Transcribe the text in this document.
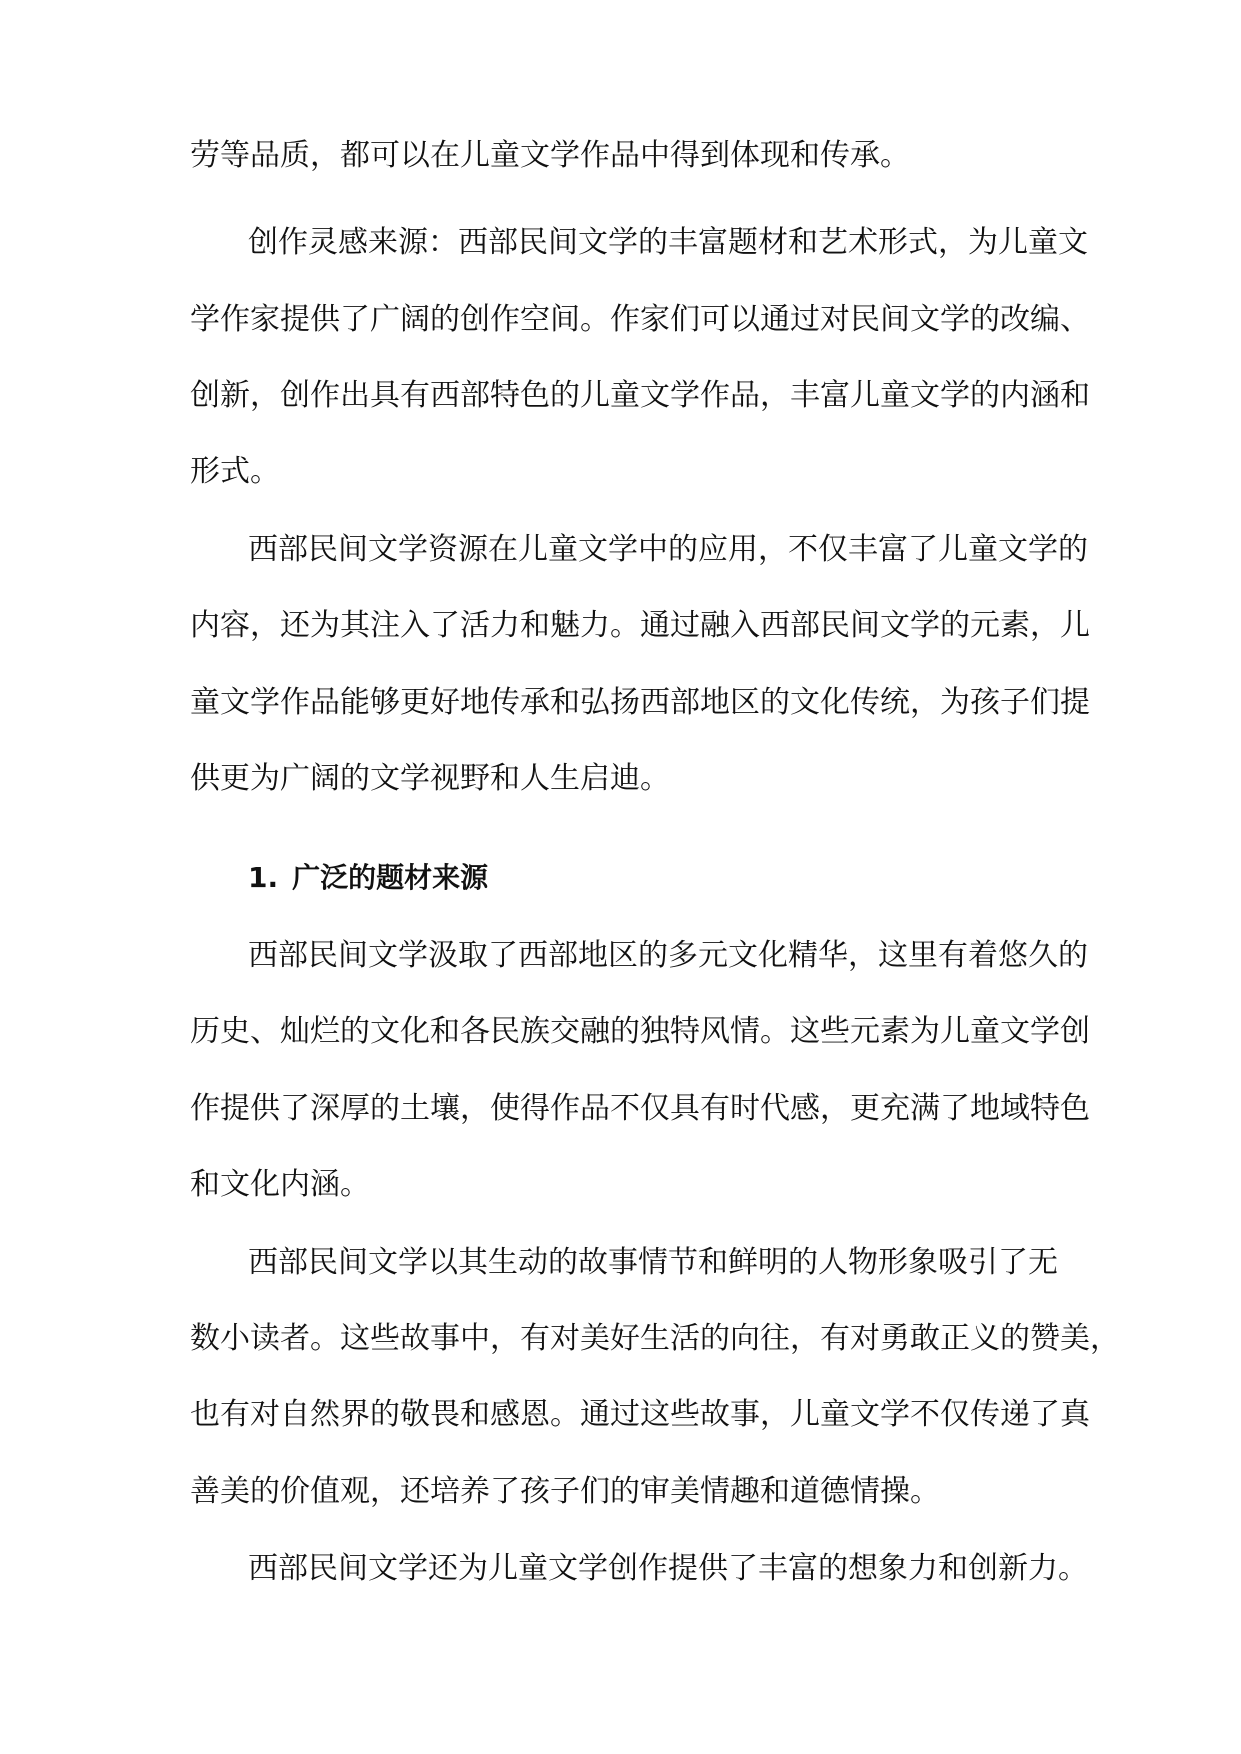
劳等品质，都可以在儿童文学作品中得到体现和传承。

创作灵感来源：西部民间文学的丰富题材和艺术形式，为儿童文

学作家提供了广阔的创作空间。作家们可以通过对民间文学的改编、

创新，创作出具有西部特色的儿童文学作品，丰富儿童文学的内涵和

形式。

西部民间文学资源在儿童文学中的应用，不仅丰富了儿童文学的

内容，还为其注入了活力和魅力。通过融入西部民间文学的元素，儿

童文学作品能够更好地传承和弘扬西部地区的文化传统，为孩子们提

供更为广阔的文学视野和人生启迪。

1. 广泛的题材来源

西部民间文学汲取了西部地区的多元文化精华，这里有着悠久的

历史、灿烂的文化和各民族交融的独特风情。这些元素为儿童文学创

作提供了深厚的土壤，使得作品不仅具有时代感，更充满了地域特色

和文化内涵。

西部民间文学以其生动的故事情节和鲜明的人物形象吸引了无

数小读者。这些故事中，有对美好生活的向往，有对勇敢正义的赞美，

也有对自然界的敬畏和感恩。通过这些故事，儿童文学不仅传递了真

善美的价值观，还培养了孩子们的审美情趣和道德情操。

西部民间文学还为儿童文学创作提供了丰富的想象力和创新力。
